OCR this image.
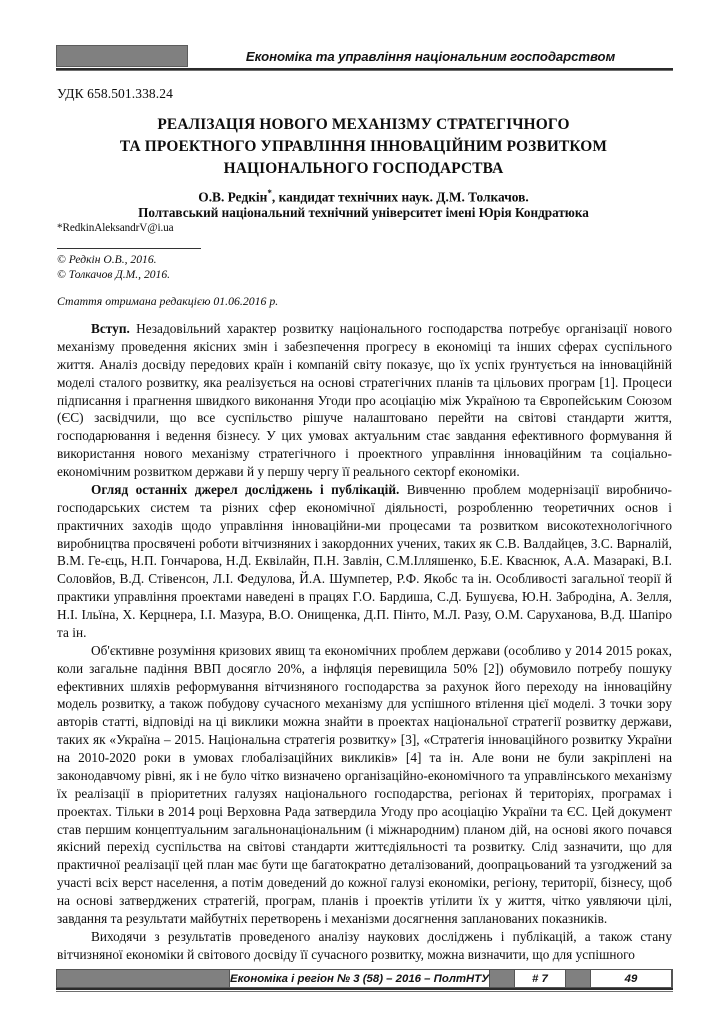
Економіка та управління національним господарством
УДК 658.501.338.24
РЕАЛІЗАЦІЯ НОВОГО МЕХАНІЗМУ СТРАТЕГІЧНОГО
ТА ПРОЕКТНОГО УПРАВЛІННЯ ІННОВАЦІЙНИМ РОЗВИТКОМ
НАЦІОНАЛЬНОГО ГОСПОДАРСТВА
О.В. Редкін*, кандидат технічних наук. Д.М. Толкачов.
Полтавський національний технічний університет імені Юрія Кондратюка
*RedkinAleksandrV@i.ua
© Редкін О.В., 2016.
© Толкачов Д.М., 2016.
Стаття отримана редакцією 01.06.2016 р.

Вступ. Незадовільний характер розвитку національного господарства потребує організації нового механізму проведення якісних змін і забезпечення прогресу в економіці та інших сферах суспільного життя. Аналіз досвіду передових країн і компаній світу показує, що їх успіх ґрунтується на інноваційній моделі сталого розвитку, яка реалізується на основі стратегічних планів та цільових програм [1]. Процеси підписання і прагнення швидкого виконання Угоди про асоціацію між Україною та Європейським Союзом (ЄС) засвідчили, що все суспільство рішуче налаштовано перейти на світові стандарти життя, господарювання і ведення бізнесу. У цих умовах актуальним стає завдання ефективного формування й використання нового механізму стратегічного і проектного управління інноваційним та соціально-економічним розвитком держави й у першу чергу її реального секторf економіки.

Огляд останніх джерел досліджень і публікацій. Вивченню проблем модернізації виробничо-господарських систем та різних сфер економічної діяльності, розробленню теоретичних основ і практичних заходів щодо управління інноваційни-ми процесами та розвитком високотехнологічного виробництва просвячені роботи вітчизняних і закордонних учених, таких як С.В. Валдайцев, З.С. Варналій, В.М. Ге-єць, Н.П. Гончарова, Н.Д. Еквілайн, П.Н. Завлін, С.М.Ілляшенко, Б.Е. Кваснюк, А.А. Мазаракі, В.І. Соловйов, В.Д. Стівенсон, Л.І. Федулова, Й.А. Шумпетер, Р.Ф. Якобс та ін. Особливості загальної теорії й практики управління проектами наведені в працях Г.О. Бардиша, С.Д. Бушуєва, Ю.Н. Забродіна, А. Зелля, Н.І. Ільїна, Х. Керцнера, І.І. Мазура, В.О. Онищенка, Д.П. Пінто, М.Л. Разу, О.М. Саруханова, В.Д. Шапіро та ін.

Об'єктивне розуміння кризових явищ та економічних проблем держави (особливо у 2014 2015 роках, коли загальне падіння ВВП досягло 20%, а інфляція перевищила 50% [2]) обумовило потребу пошуку ефективних шляхів реформування вітчизняного господарства за рахунок його переходу на інноваційну модель розвитку, а також побудову сучасного механізму для успішного втілення цієї моделі. З точки зору авторів статті, відповіді на ці виклики можна знайти в проектах національної стратегії розвитку держави, таких як «Україна – 2015. Національна стратегія розвитку» [3], «Стратегія інноваційного розвитку України на 2010-2020 роки в умовах глобалізаційних викликів» [4] та ін. Але вони не були закріплені на законодавчому рівні, як і не було чітко визначено організаційно-економічного та управлінського механізму їх реалізації в пріоритетних галузях національного господарства, регіонах й територіях, програмах і проектах. Тільки в 2014 році Верховна Рада затвердила Угоду про асоціацію України та ЄС. Цей документ став першим концептуальним загальнонаціональним (і міжнародним) планом дій, на основі якого почався якісний перехід суспільства на світові стандарти життєдіяльності та розвитку. Слід зазначити, що для практичної реалізації цей план має бути ще багатократно деталізований, доопрацьований та узгоджений за участі всіх верст населення, а потім доведений до кожної галузі економіки, регіону, території, бізнесу, щоб на основі затверджених стратегій, програм, планів і проектів утілити їх у життя, чітко уявляючи цілі, завдання та результати майбутніх перетворень і механізми досягнення запланованих показників.

Виходячи з результатів проведеного аналізу наукових досліджень і публікацій, а також стану вітчизняної економіки й світового досвіду її сучасного розвитку, можна визначити, що для успішного

Економіка і регіон № 3 (58) – 2016 – ПолтНТУ	# 7	49
